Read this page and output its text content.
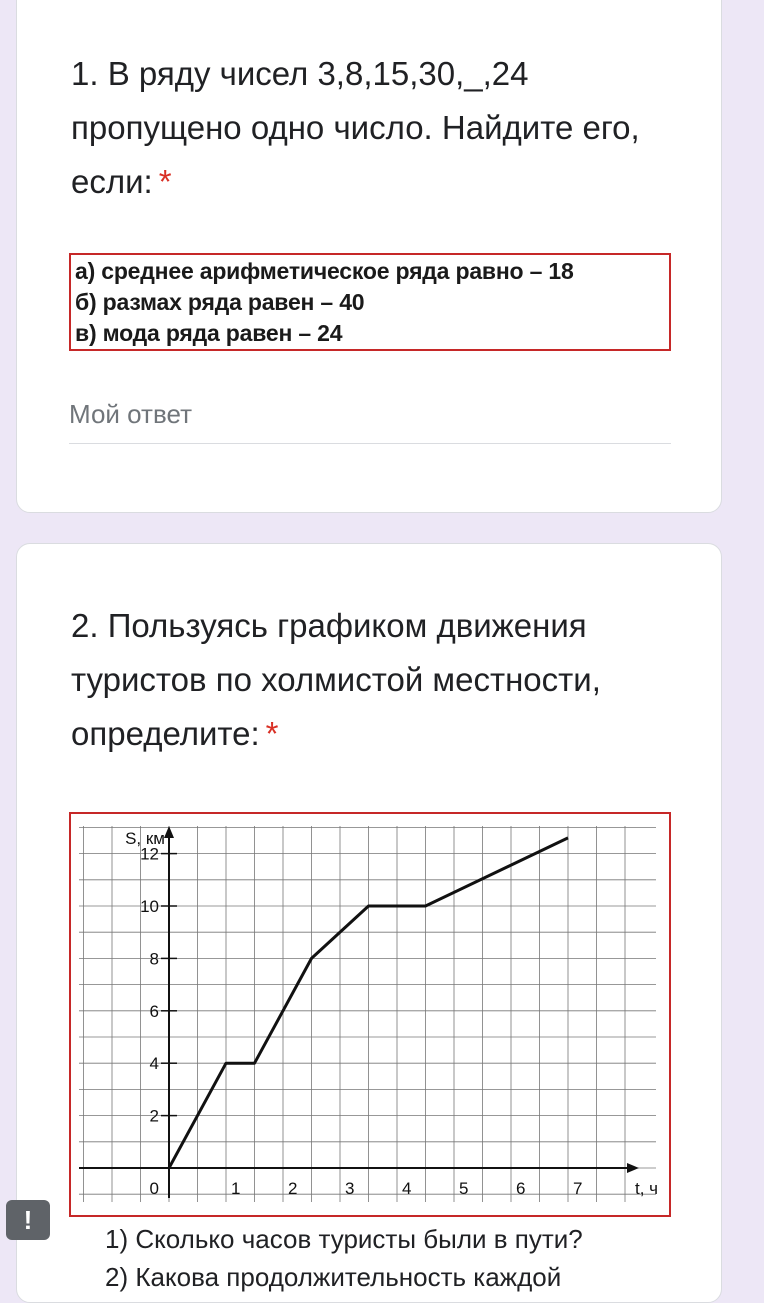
1. В ряду чисел 3,8,15,30,_,24 пропущено одно число. Найдите его, если: *
а) среднее арифметическое ряда равно – 18
б) размах ряда равен – 40
в) мода ряда равен – 24
Мой ответ
2. Пользуясь графиком движения туристов по холмистой местности, определите: *
2
4
6
8
10
12
0	1	2	3	4	5	6	7
S, км
t, ч
1) Сколько часов туристы были в пути?
2) Какова продолжительность каждой
!
